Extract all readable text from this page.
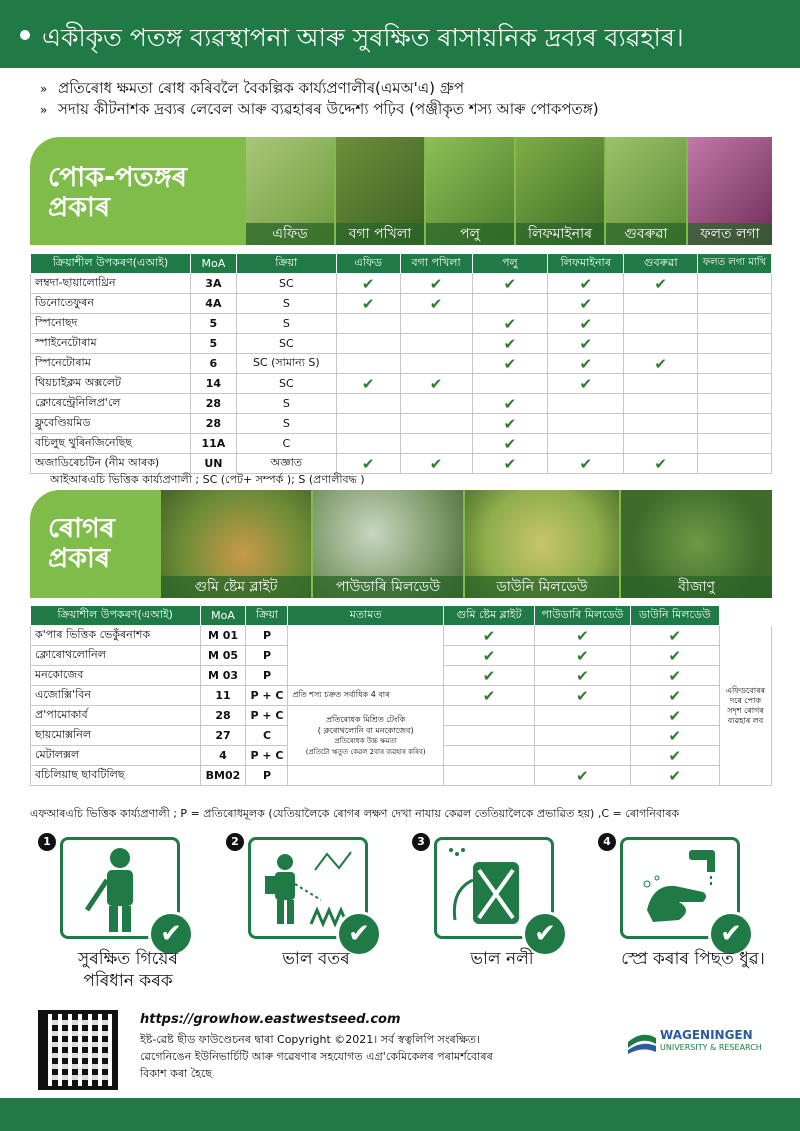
একীকৃত পতঙ্গ ব্যৱস্থাপনা আৰু সুৰক্ষিত ৰাসায়নিক দ্ৰব্যৰ ব্যৱহাৰ।
» প্ৰতিৰোধ ক্ষমতা ৰোধ কৰিবলৈ বৈকল্পিক কাৰ্য্যপ্ৰণালীৰ(এমঅ'এ) গ্ৰুপ
» সদায় কীটনাশক দ্ৰব্যৰ লেবেল আৰু ব্যৱহাৰৰ উদ্দেশ্য পঢ়িব (পঞ্জীকৃত শস্য আৰু পোকপতঙ্গ)
পোক-পতঙ্গৰ
প্ৰকাৰ
এফিড	বগা পখিলা	পলু	লিফমাইনাৰ	গুবৰুৱা	ফলত লগা
ক্ৰিয়াশীল উপকৰণ(এআই)	MoA	ক্ৰিয়া	এফিড	বগা পখিলা	পলু	লিফমাইনাৰ	গুবৰুৱা	ফলত লগা মাখি
লম্বদা-ছায়ালোথ্ৰিন	3A	SC	✔	✔	✔	✔	✔	
ডিনোতেফুৰন	4A	S	✔	✔		✔		
স্পিনোছদ	5	S			✔	✔		
স্পাইনেটোৰাম	5	SC			✔	✔		
স্পিনেটোৰাম	6	SC (সামান্য S)			✔	✔	✔	
থিয়চাইক্লম অক্সলেট	14	SC	✔	✔		✔		
ক্লোৰেন্ট্ৰেনিলিপ্ৰ'লে	28	S			✔			
ফ্লুবেণ্ডিয়মিড	28	S			✔			
বচিলুছ থুৰিনজিনেছিছ	11A	C			✔			
অজাডিৰেচটিন (নীম আৰক)	UN	অজ্ঞাত	✔	✔	✔	✔	✔	
আইআৰএচি ভিত্তিক কাৰ্য্যপ্ৰণালী ; SC (পেট+ সম্পৰ্ক ); S (প্ৰণালীবদ্ধ )
ৰোগৰ
প্ৰকাৰ
গুমি ষ্টেম ব্লাইট	পাউডাৰি মিলডেউ	ডাউনি মিলডেউ	বীজাণু
ক্ৰিয়াশীল উপকৰণ(এআই)	MoA	ক্ৰিয়া	মতামত	গুমি ষ্টেম ব্লাইট	পাউডাৰি মিলডেউ	ডাউনি মিলডেউ	
ক'পাৰ ভিত্তিক ভেকুঁৰনাশক	M 01	P		✔	✔	✔	এফিডবোৰৰ দৰে পোক সদৃশ ৰোগৰ ব্যৱহাৰ লব
ক্লোৰোথলোনিল	M 05	P		✔	✔	✔	
মনকোজেব	M 03	P		✔	✔	✔	
এজোক্সি'বিন	11	P + C	প্ৰতি শস্য চক্ৰত সৰ্বাধিক 4 বাৰ	✔	✔	✔	
প্ৰ'পামোকাৰ্ব	28	P + C	প্ৰতিৰোধক মিশ্ৰিত টেংকি
( ক্লৰোথলোনি বা মনকোজেব)
প্ৰতিৰোধক উচ্চ ক্ষমতা
(প্ৰতিটো ঋতুত কেৱল 2বাৰ ব্যৱহাৰ কৰিব)			✔	
ছায়মোক্সনিল	27	C				✔	
মেটালক্সল	4	P + C				✔	
বচিলিয়াছ ছাবটিলিছ	BM02	P			✔	✔	
এফআৰএচি ভিত্তিক কাৰ্য্যপ্ৰণালী ; P = প্ৰতিৰোধমূলক (যেতিয়ালৈকে ৰোগৰ লক্ষণ দেখা নাযায় কেৱল তেতিয়ালৈকে প্ৰভাৱিত হয়) ,C = ৰোগনিবাৰক
1
✔
সুৰক্ষিত গিয়েৰ
পৰিধান কৰক
2
✔
ভাল বতৰ
3
✔
ভাল নলী
4
✔
স্প্ৰে কৰাৰ পিছত ধুৱ।
https://growhow.eastwestseed.com
ইষ্ট-ৱেষ্ট ছীড ফাউণ্ডেচনৰ দ্বাৰা Copyright ©2021। সৰ্ব স্বত্বলিপি সংৰক্ষিত।
ৱেগেনিঙেন ইউনিভাৰ্চিটি আৰু গৱেষণাৰ সহযোগত এগ্ৰ'কেমিকেলৰ পৰামৰ্শবোৰৰ
বিকাশ কৰা হৈছে
WAGENINGEN
UNIVERSITY & RESEARCH
